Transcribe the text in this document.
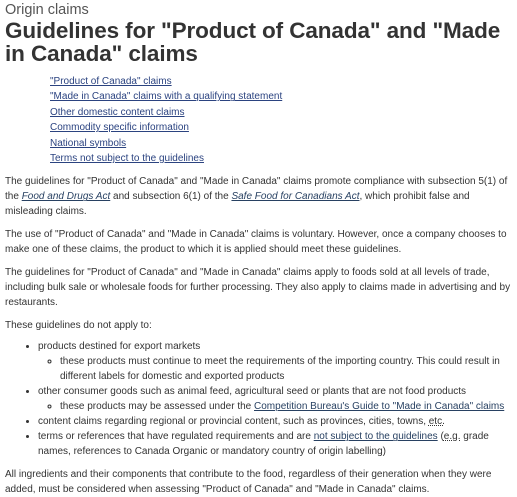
Origin claims
Guidelines for "Product of Canada" and "Made in Canada" claims
"Product of Canada" claims
"Made in Canada" claims with a qualifying statement
Other domestic content claims
Commodity specific information
National symbols
Terms not subject to the guidelines

The guidelines for "Product of Canada" and "Made in Canada" claims promote compliance with subsection 5(1) of the Food and Drugs Act and subsection 6(1) of the Safe Food for Canadians Act, which prohibit false and misleading claims.

The use of "Product of Canada" and "Made in Canada" claims is voluntary. However, once a company chooses to make one of these claims, the product to which it is applied should meet these guidelines.

The guidelines for "Product of Canada" and "Made in Canada" claims apply to foods sold at all levels of trade, including bulk sale or wholesale foods for further processing. They also apply to claims made in advertising and by restaurants.

These guidelines do not apply to:

• products destined for export markets
◦ these products must continue to meet the requirements of the importing country. This could result in different labels for domestic and exported products
• other consumer goods such as animal feed, agricultural seed or plants that are not food products
◦ these products may be assessed under the Competition Bureau's Guide to "Made in Canada" claims
• content claims regarding regional or provincial content, such as provinces, cities, towns, etc.
• terms or references that have regulated requirements and are not subject to the guidelines (e.g. grade names, references to Canada Organic or mandatory country of origin labelling)

All ingredients and their components that contribute to the food, regardless of their generation when they were added, must be considered when assessing "Product of Canada" and "Made in Canada" claims.
